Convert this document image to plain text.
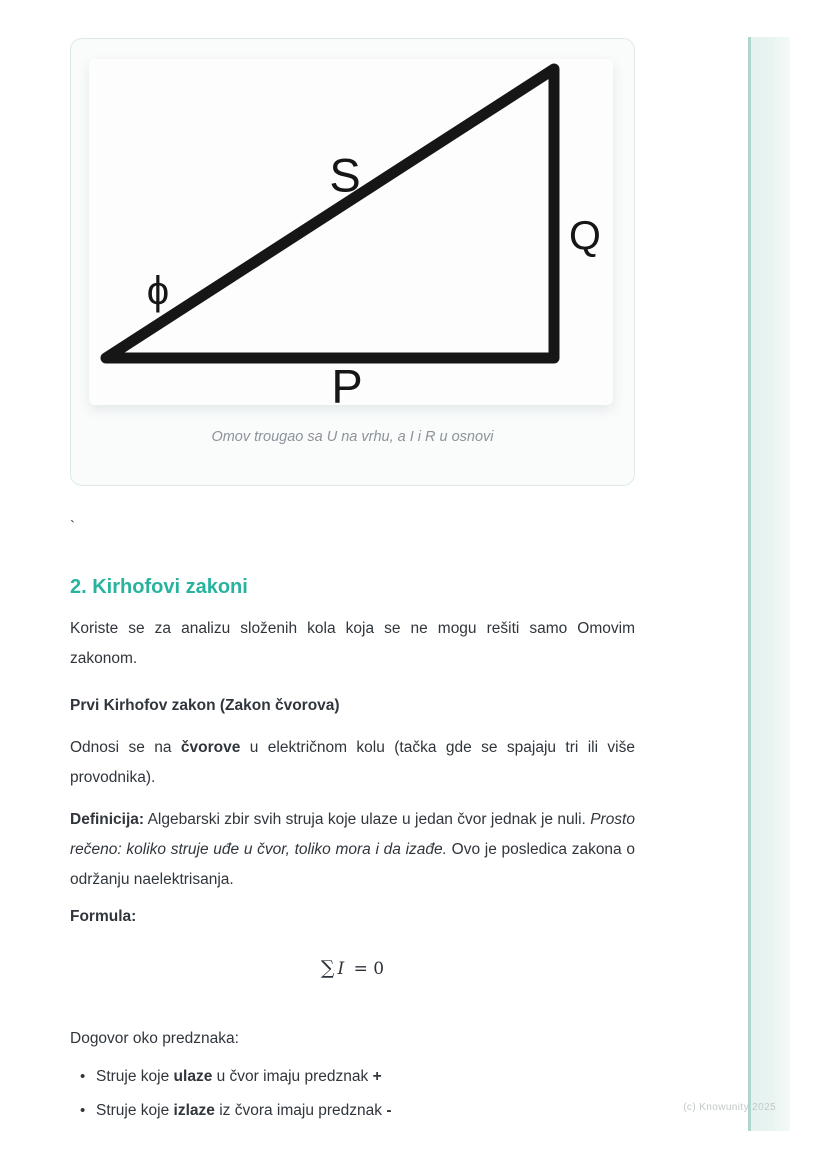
S
Q
P
ϕ
Omov trougao sa U na vrhu, a I i R u osnovi
`
2. Kirhofovi zakoni

Koriste se za analizu složenih kola koja se ne mogu rešiti samo Omovim zakonom.

Prvi Kirhofov zakon (Zakon čvorova)

Odnosi se na čvorove u električnom kolu (tačka gde se spajaju tri ili više provodnika).

Definicija: Algebarski zbir svih struja koje ulaze u jedan čvor jednak je nuli. Prosto rečeno: koliko struje uđe u čvor, toliko mora i da izađe. Ovo je posledica zakona o održanju naelektrisanja.

Formula:

∑ I = 0

Dogovor oko predznaka:

• Struje koje ulaze u čvor imaju predznak +
• Struje koje izlaze iz čvora imaju predznak -	(c) Knowunity 2025
